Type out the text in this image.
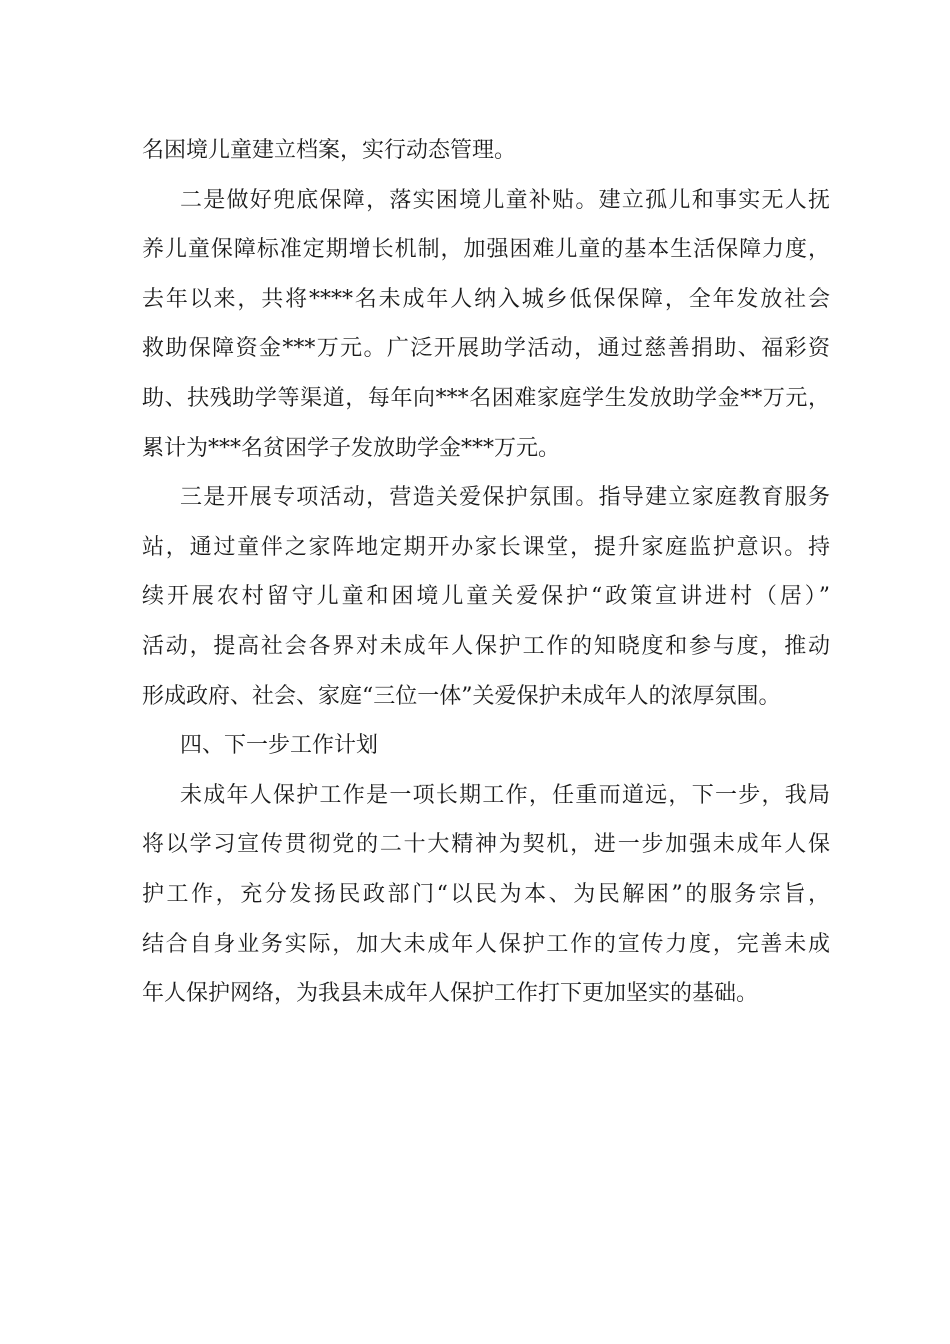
名困境儿童建立档案，实行动态管理。
二是做好兜底保障，落实困境儿童补贴。建立孤儿和事实无人抚
养儿童保障标准定期增长机制，加强困难儿童的基本生活保障力度，
去年以来，共将****名未成年人纳入城乡低保保障，全年发放社会
救助保障资金***万元。广泛开展助学活动，通过慈善捐助、福彩资
助、扶残助学等渠道，每年向***名困难家庭学生发放助学金**万元，
累计为***名贫困学子发放助学金***万元。
三是开展专项活动，营造关爱保护氛围。指导建立家庭教育服务
站，通过童伴之家阵地定期开办家长课堂，提升家庭监护意识。持
续开展农村留守儿童和困境儿童关爱保护“政策宣讲进村（居）”
活动，提高社会各界对未成年人保护工作的知晓度和参与度，推动
形成政府、社会、家庭“三位一体”关爱保护未成年人的浓厚氛围。
四、下一步工作计划
未成年人保护工作是一项长期工作，任重而道远，下一步，我局
将以学习宣传贯彻党的二十大精神为契机，进一步加强未成年人保
护工作，充分发扬民政部门“以民为本、为民解困”的服务宗旨，
结合自身业务实际，加大未成年人保护工作的宣传力度，完善未成
年人保护网络，为我县未成年人保护工作打下更加坚实的基础。
